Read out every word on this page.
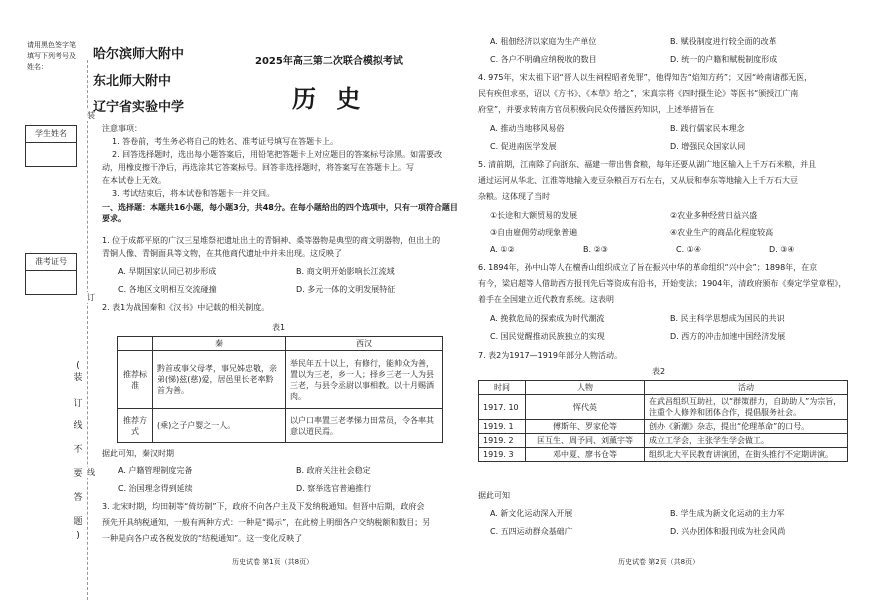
请用黑色签字笔填写下列考号及姓名：
学生姓名
准考证号
(
装
订
线
不
要
答
题
)
装
订
线
哈尔滨师大附中
东北师大附中
辽宁省实验中学
2025年高三第二次联合模拟考试
历 史
注意事项：
1. 答卷前，考生务必将自己的姓名、准考证号填写在答题卡上。
2. 回答选择题时，选出每小题答案后，用铅笔把答题卡上对应题目的答案标号涂黑。如需要改
动，用橡皮擦干净后，再选涂其它答案标号。回答非选择题时，将答案写在答题卡上。写
在本试卷上无效。
3. 考试结束后，将本试卷和答题卡一并交回。
一、选择题：本题共16小题，每小题3分，共48分。在每小题给出的四个选项中，只有一项符合题目要求。
1. 位于成都平原的广汉三星堆祭祀遗址出土的青铜神、桑等器物是典型的商文明器物，但出土的
青铜人像、青铜面具等文物，在其他商代遗址中并未出现。这反映了
A. 早期国家认同已初步形成	B. 商文明开始影响长江流域
C. 各地区文明相互交流碰撞	D. 多元一体的文明发展特征
2. 表1为战国秦和《汉书》中记载的相关制度。
表1
	秦	西汉
推荐标准	黔首或事父母孝，事兄姊忠敬，亲弟(悌)兹(慈)爱，居邑里长老率黔首为善。	举民年五十以上，有修行，能帅众为善，置以为三老，乡一人；择乡三老一人为县三老，与县令丞尉以事相教。以十月赐酒肉。
推荐方式	(乘)之子户婴之一人。	以户口率置三老孝悌力田常员，令各率其意以道民焉。
据此可知，秦汉时期
A. 户籍管理制度完备	B. 政府关注社会稳定
C. 治国理念得到延续	D. 察举选官普遍推行
3. 北宋时期，均田制等“倚坊制”下，政府不向各户主及下发纳税通知。但晋中后期，政府会
预先开具纳税通知，一般有两种方式：一种是“揭示”，在此榜上明细各户交纳税额和数目；另
一种是向各户或各税发放的“结税通知”。这一变化反映了
历史试卷 第1页（共8页）
A. 租佃经济以家庭为生产单位	B. 赋役制度进行较全面的改革
C. 各户不明确应纳税收的数目	D. 统一的户籍和赋税制度形成
4. 975年，宋太祖下诏“晋人以生祠程昭者免罪”，他得知告“焰知方药”；又因“岭南诸郡无医，
民有疾但求巫，诏以《方书》、《本草》给之”，宋真宗将《四时摄生论》等医书“颁授江广南
府堂”，并要求转南方官员积极向民众传播医药知识，上述举措旨在
A. 推动当地移风易俗	B. 践行儒家民本理念
C. 促进南医学发展	D. 增强民众国家认同
5. 清前期，江南除了向浙东、福建一带出售食粮，每年还要从湖广地区输入上千万石米粮，并且
通过运河从华北、江淮等地输入麦豆杂粮百万石左右，又从辰和奉东等地输入上千万石大豆
杂粮。这体现了当时
①长途和大额贸易的发展	②农业多种经营日益兴盛
③自由雇佣劳动现象普遍	④农业生产的商品化程度较高
A. ①②	B. ②③	C. ①④	D. ③④
6. 1894年，孙中山等人在檀香山组织成立了旨在振兴中华的革命组织“兴中会”；1898年，在京
有今，梁启超等人借助西方报刊先后等资成有沿书，开始变法；1904年，清政府颁布《奏定学堂章程》，
着手在全国建立近代教育系统。这表明
A. 挽救危局的探索成为时代潮流	B. 民主科学思想成为国民的共识
C. 国民觉醒推动民族独立的实现	D. 西方的冲击加速中国经济发展
7. 表2为1917—1919年部分人物活动。
表2
时间	人物	活动
1917. 10	恽代英	在武昌组织互助社，以“群策群力，自助助人”为宗旨，注重个人修养和团体合作，提倡服务社会。
1919. 1	傅斯年、罗家伦等	创办《新潮》杂志，提出“伦理革命”的口号。
1919. 2	匡互生、周予同、刘薰宇等	成立工学会，主张学生学会做工。
1919. 3	邓中夏、廖书仓等	组织北大平民教育讲演团，在街头推行不定期讲演。
据此可知
A. 新文化运动深入开展	B. 学生成为新文化运动的主力军
C. 五四运动群众基础广	D. 兴办团体和报刊成为社会风尚
历史试卷 第2页（共8页）
